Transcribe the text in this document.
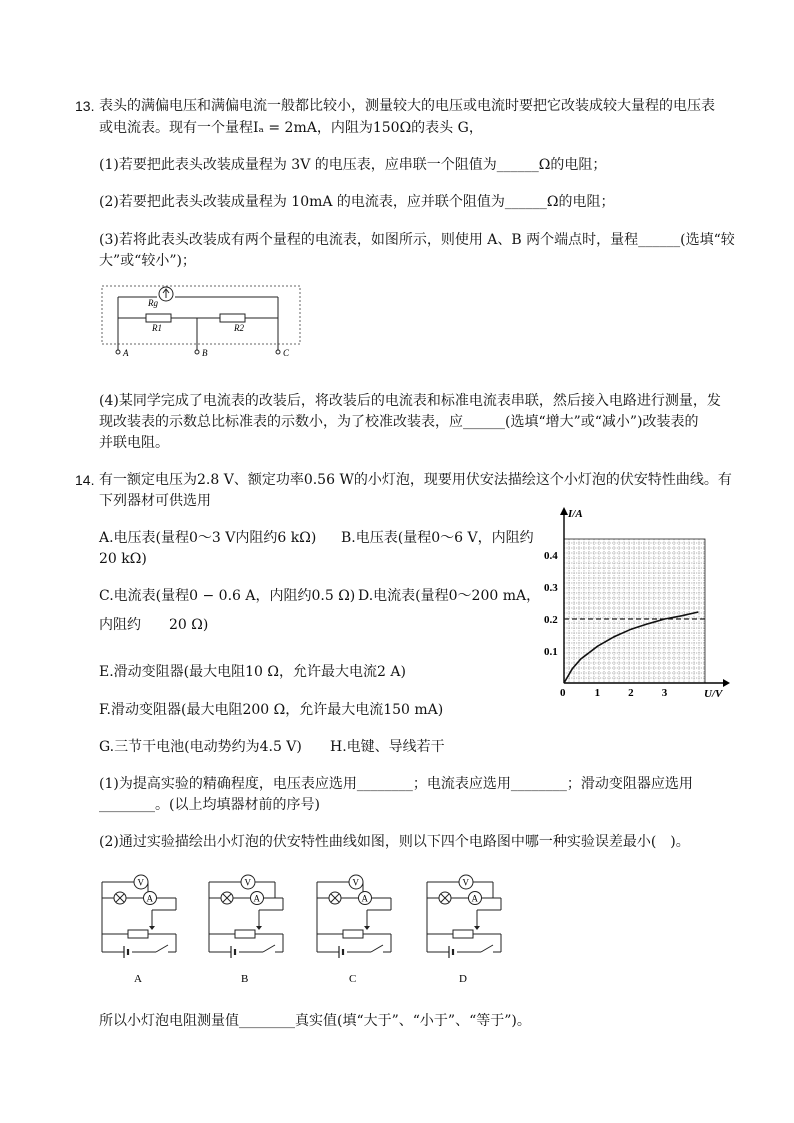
13. 表头的满偏电压和满偏电流一般都比较小，测量较大的电压或电流时要把它改装成较大量程的电压表
或电流表。现有一个量程Iₐ = 2mA，内阻为150Ω的表头 G，
(1)若要把此表头改装成量程为 3V 的电压表，应串联一个阻值为______Ω的电阻；
(2)若要把此表头改装成量程为 10mA 的电流表，应并联个阻值为______Ω的电阻；
(3)若将此表头改装成有两个量程的电流表，如图所示，则使用 A、B 两个端点时，量程______(选填“较
大”或“较小”)；
Rg
R1	R2
A	B	C
(4)某同学完成了电流表的改装后，将改装后的电流表和标准电流表串联，然后接入电路进行测量，发
现改装表的示数总比标准表的示数小，为了校准改装表，应______(选填“增大”或“减小”)改装表的
并联电阻。
14. 有一额定电压为2.8 V、额定功率0.56 W的小灯泡，现要用伏安法描绘这个小灯泡的伏安特性曲线。有
下列器材可供选用
A.电压表(量程0～3 V内阻约6 kΩ) B.电压表(量程0～6 V，内阻约
20 kΩ)
C.电流表(量程0 − 0.6 A，内阻约0.5 Ω) D.电流表(量程0～200 mA，
内阻约　　20 Ω)
E.滑动变阻器(最大电阻10 Ω，允许最大电流2 A)
F.滑动变阻器(最大电阻200 Ω，允许最大电流150 mA)
G.三节干电池(电动势约为4.5 V) H.电键、导线若干
(1)为提高实验的精确程度，电压表应选用________；电流表应选用________；滑动变阻器应选用
________。(以上均填器材前的序号)
(2)通过实验描绘出小灯泡的伏安特性曲线如图，则以下四个电路图中哪一种实验误差最小(　)。
所以小灯泡电阻测量值________真实值(填“大于”、“小于”、“等于”)。
0	1	2	3
0.1
0.2
0.3
0.4
U/V
I/A
V
A
A
V
A
B
V
A
C
V
A
D
